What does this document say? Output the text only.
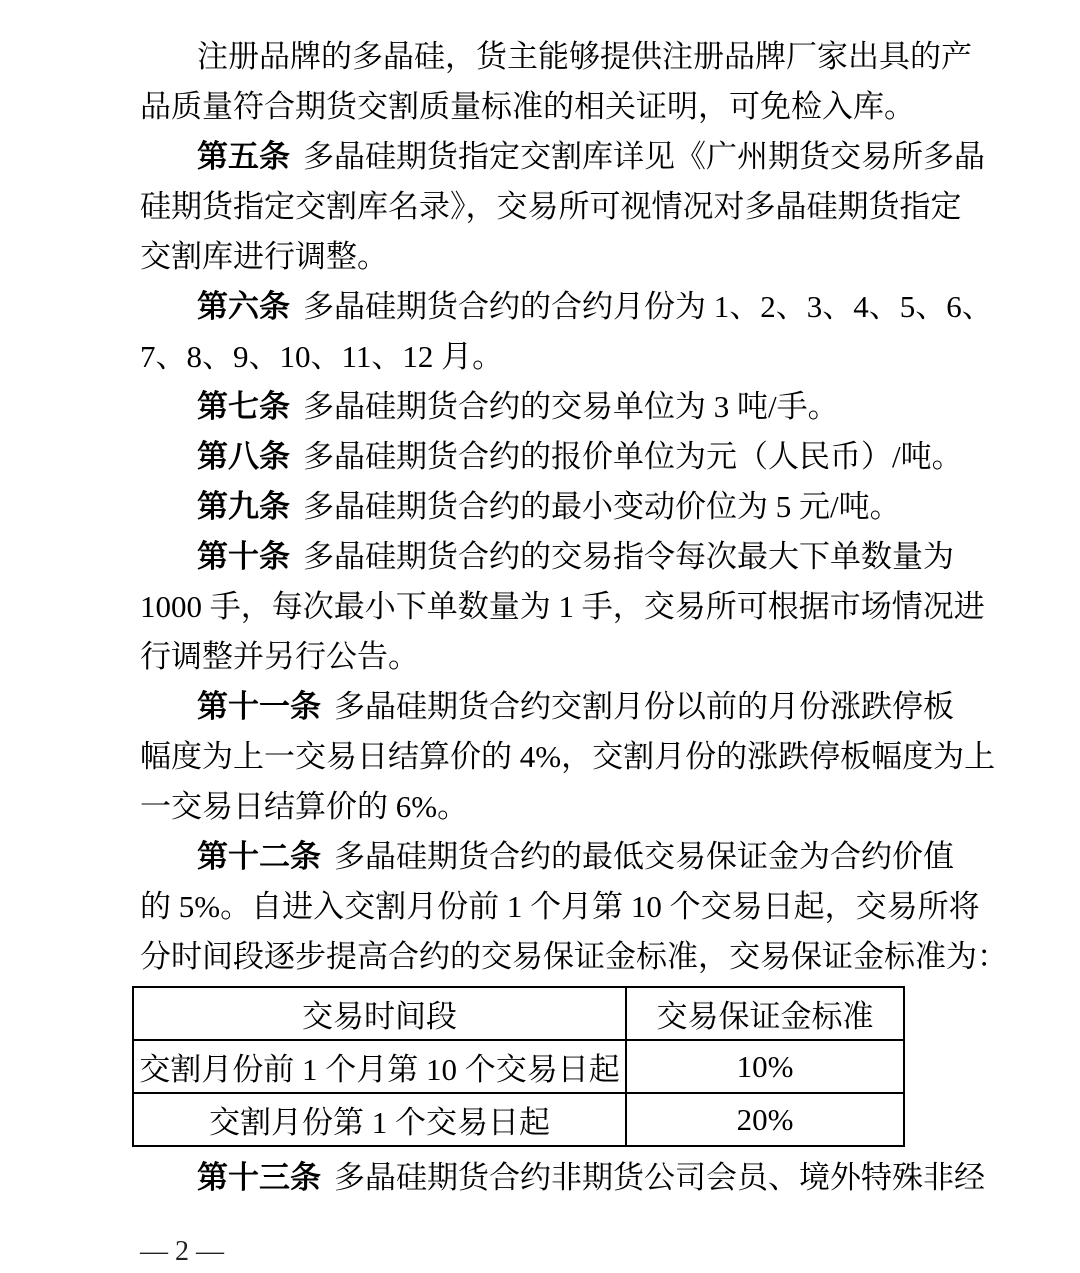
注册品牌的多晶硅，货主能够提供注册品牌厂家出具的产
品质量符合期货交割质量标准的相关证明，可免检入库。
第五条 多晶硅期货指定交割库详见《广州期货交易所多晶
硅期货指定交割库名录》，交易所可视情况对多晶硅期货指定
交割库进行调整。
第六条 多晶硅期货合约的合约月份为 1、2、3、4、5、6、
7、8、9、10、11、12 月。
第七条 多晶硅期货合约的交易单位为 3 吨/手。
第八条 多晶硅期货合约的报价单位为元（人民币）/吨。
第九条 多晶硅期货合约的最小变动价位为 5 元/吨。
第十条 多晶硅期货合约的交易指令每次最大下单数量为
1000 手，每次最小下单数量为 1 手，交易所可根据市场情况进
行调整并另行公告。
第十一条 多晶硅期货合约交割月份以前的月份涨跌停板
幅度为上一交易日结算价的 4%，交割月份的涨跌停板幅度为上
一交易日结算价的 6%。
第十二条 多晶硅期货合约的最低交易保证金为合约价值
的 5%。自进入交割月份前 1 个月第 10 个交易日起，交易所将
分时间段逐步提高合约的交易保证金标准，交易保证金标准为：
交易时间段	交易保证金标准
交割月份前 1 个月第 10 个交易日起	10%
交割月份第 1 个交易日起	20%
第十三条 多晶硅期货合约非期货公司会员、境外特殊非经
— 2 —
